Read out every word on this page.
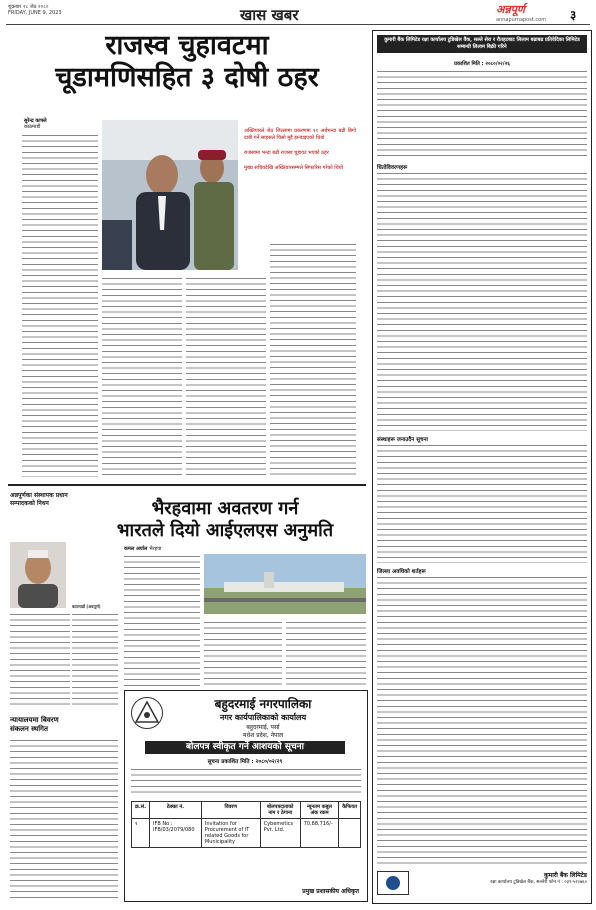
शुक्रबार २८ जेठ २०८०
FRIDAY, JUNE 9, 2023	खास खबर	अन्नपूर्ण
annapurnapost.com ३
राजस्व चुहावटमा
चूडामणिसहित ३ दोषी ठहर
सुरेन्द्र काफ्ले
काठमाडौं
अख्तियारले जेठ जिल्लामा प्रकरणमा ११ अर्बभन्दा बढी बिगो दाबी गर्ने साहसले चिसो मुद्दै झन्डाइएको थियो
राजस्वमा भन्दा बढी राजस्व चुहावट भएको ठहर
मुख्य सचिवदेखि अख्तियारसम्मले सिफारिस गरेको थियो
अन्नपूर्णका संस्थापक प्रधान सम्पादकको निधन
न्यायालयमा बिवरण
संकलन स्थगित
भैरहवामा अवतरण गर्न
भारतले दियो आईएलएस अनुमति
कमल अर्याल भैरहवा
काठमाडौं (अन्नपूर्ण)
बहुदरमाई नगरपालिका
नगर कार्यपालिकाको कार्यालय
बहुदरमाई, पर्सा
मधेश प्रदेश, नेपाल
बोलपत्र स्वीकृत गर्ने आशयको सूचना
सूचना प्रकाशित मिति : २०८०/०२/२९
क्र.सं.	ठेक्का नं.	विवरण	बोलपत्रदाताको नाम र ठेगाना	न्यूनतम कबुल अंक रकम	कैफियत
१	IFB No : IFB/03/2079/080	Invitation for Procurement of IT related Goods for Municipality	Cybemetics Pvt. Ltd.	70,88,716/-	
प्रमुख प्रशासकीय अधिकृत
कुमारी बैंक लिमिटेड रक्षा कार्यालय टुडिखेल वैंक, सल्ले सेरा र रौतहटबाट लिलाम बढाबढ प्रतिवेदिका लिमिटेड सम्बन्धी लिलाम बिक्री गरिने
प्रकाशित मिति : २०८०/०२/२६
धितोविवरणहरू
संस्थाहरू जनाउदैन सूचना
जिल्ला अवधिको शर्तहरू
कुमारी बैंक लिमिटेड
रक्षा कार्यालय टुडिखेल बैंक, सल्लेरी फोन नं : ०३१-५२०७६०
